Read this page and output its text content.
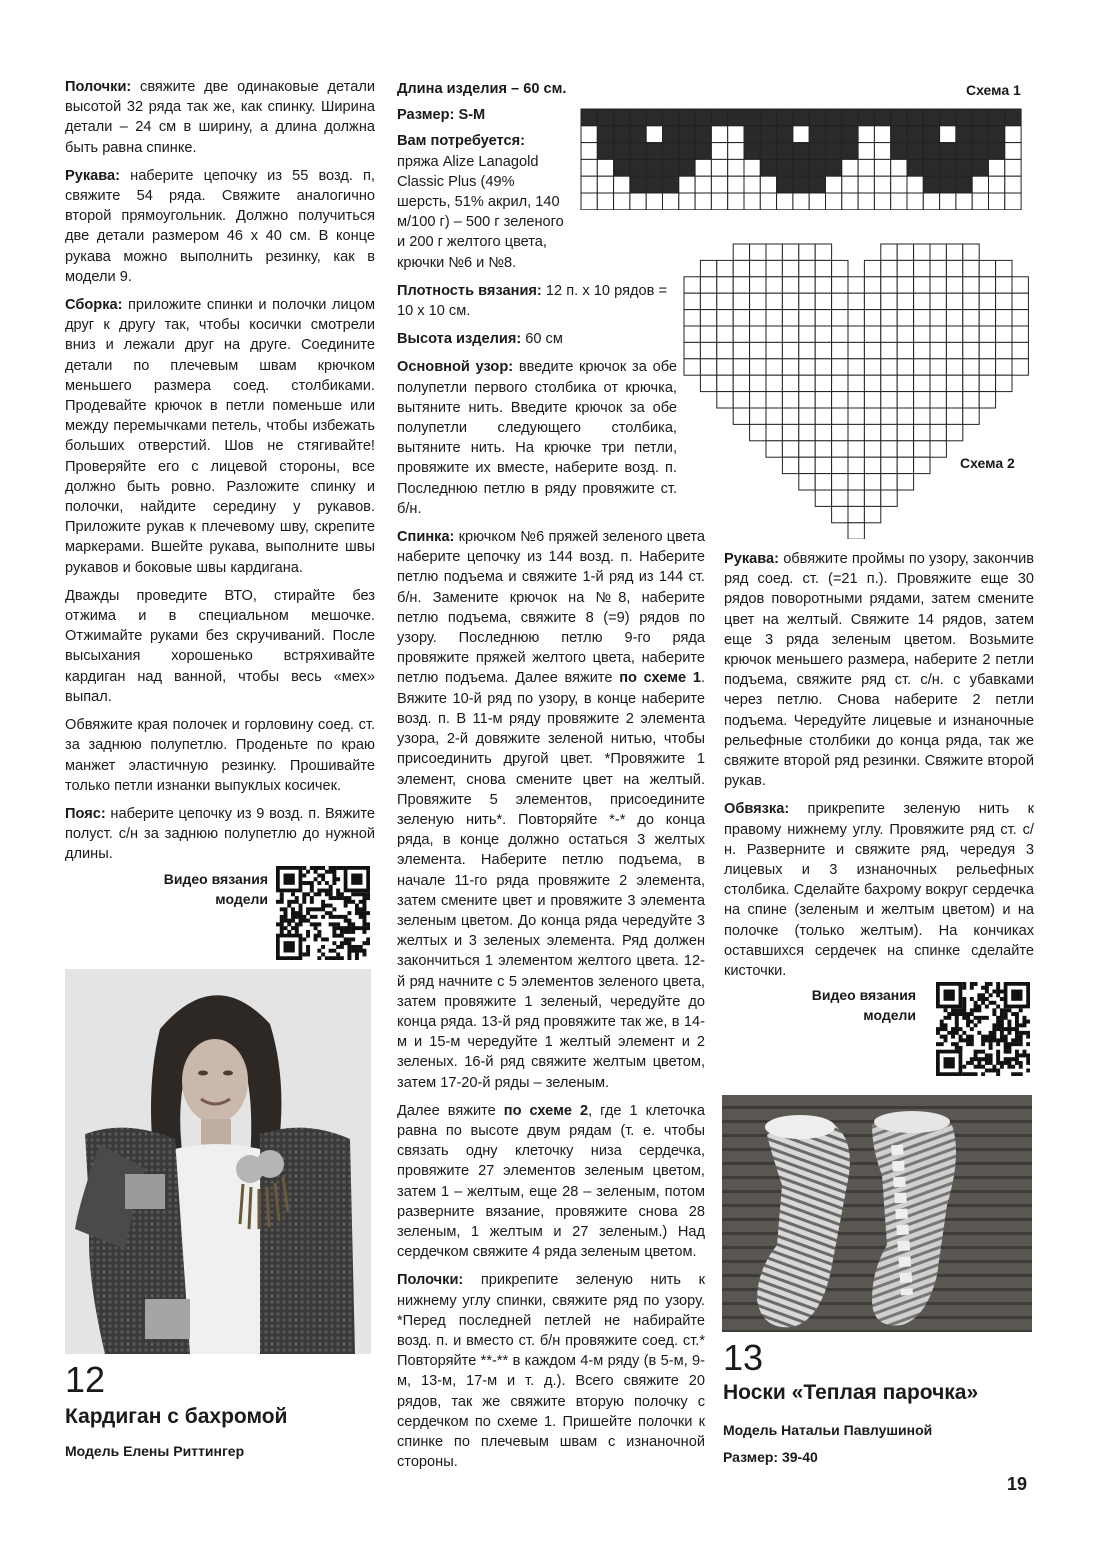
Полочки: свяжите две одинаковые детали высотой 32 ряда так же, как спинку. Ширина детали – 24 см в ширину, а длина должна быть равна спинке.

Рукава: наберите цепочку из 55 возд. п, свяжите 54 ряда. Свяжите аналогично второй прямоугольник. Должно получиться две детали размером 46 х 40 см. В конце рукава можно выполнить резинку, как в модели 9.

Сборка: приложите спинки и полочки лицом друг к другу так, чтобы косички смотрели вниз и лежали друг на друге. Соедините детали по плечевым швам крючком меньшего размера соед. столбиками. Продевайте крючок в петли поменьше или между перемычками петель, чтобы избежать больших отверстий. Шов не стягивайте! Проверяйте его с лицевой стороны, все должно быть ровно. Разложите спинку и полочки, найдите середину у рукавов. Приложите рукав к плечевому шву, скрепите маркерами. Вшейте рукава, выполните швы рукавов и боковые швы кардигана.

Дважды проведите ВТО, стирайте без отжима и в специальном мешочке. Отжимайте руками без скручиваний. После высыхания хорошенько встряхивайте кардиган над ванной, чтобы весь «мех» выпал.

Обвяжите края полочек и горловину соед. ст. за заднюю полупетлю. Проденьте по краю манжет эластичную резинку. Прошивайте только петли изнанки выпуклых косичек.

Пояс: наберите цепочку из 9 возд. п. Вяжите полуст. с/н за заднюю полупетлю до нужной длины.

Видео вязания
модели
12
Кардиган с бахромой
Модель Елены Риттингер

Длина изделия – 60 см.

Размер: S-M

Вам потребуется: пряжа Alize Lanagold Classic Plus (49% шерсть, 51% акрил, 140 м/100 г) – 500 г зеленого и 200 г желтого цвета, крючки №6 и №8.

Плотность вязания: 12 п. х 10 рядов = 10 х 10 см.

Высота изделия: 60 см

Основной узор: введите крючок за обе полупетли первого столбика от крючка, вытяните нить. Введите крючок за обе полупетли следующего столбика, вытяните нить. На крючке три петли, провяжите их вместе, наберите возд. п. Последнюю петлю в ряду провяжите ст. б/н.

Спинка: крючком №6 пряжей зеленого цвета наберите цепочку из 144 возд. п. Наберите петлю подъема и свяжите 1-й ряд из 144 ст. б/н. Замените крючок на №8, наберите петлю подъема, свяжите 8 (=9) рядов по узору. Последнюю петлю 9-го ряда провяжите пряжей желтого цвета, наберите петлю подъема. Далее вяжите по схеме 1. Вяжите 10-й ряд по узору, в конце наберите возд. п. В 11-м ряду провяжите 2 элемента узора, 2-й довяжите зеленой нитью, чтобы присоединить другой цвет. *Провяжите 1 элемент, снова смените цвет на желтый. Провяжите 5 элементов, присоедините зеленую нить*. Повторяйте *-* до конца ряда, в конце должно остаться 3 желтых элемента. Наберите петлю подъема, в начале 11-го ряда провяжите 2 элемента, затем смените цвет и провяжите 3 элемента зеленым цветом. До конца ряда чередуйте 3 желтых и 3 зеленых элемента. Ряд должен закончиться 1 элементом желтого цвета. 12-й ряд начните с 5 элементов зеленого цвета, затем провяжите 1 зеленый, чередуйте до конца ряда. 13-й ряд провяжите так же, в 14-м и 15-м чередуйте 1 желтый элемент и 2 зеленых. 16-й ряд свяжите желтым цветом, затем 17-20-й ряды – зеленым.

Далее вяжите по схеме 2, где 1 клеточка равна по высоте двум рядам (т. е. чтобы связать одну клеточку низа сердечка, провяжите 27 элементов зеленым цветом, затем 1 – желтым, еще 28 – зеленым, потом разверните вязание, провяжите снова 28 зеленым, 1 желтым и 27 зеленым.) Над сердечком свяжите 4 ряда зеленым цветом.

Полочки: прикрепите зеленую нить к нижнему углу спинки, свяжите ряд по узору. *Перед последней петлей не набирайте возд. п. и вместо ст. б/н провяжите соед. ст.* Повторяйте **-** в каждом 4-м ряду (в 5-м, 9-м, 13-м, 17-м и т. д.). Всего свяжите 20 рядов, так же свяжите вторую полочку с сердечком по схеме 1. Пришейте полочки к спинке по плечевым швам с изнаночной стороны.

Схема 1
Схема 2

Рукава: обвяжите проймы по узору, закончив ряд соед. ст. (=21 п.). Провяжите еще 30 рядов поворотными рядами, затем смените цвет на желтый. Свяжите 14 рядов, затем еще 3 ряда зеленым цветом. Возьмите крючок меньшего размера, наберите 2 петли подъема, свяжите ряд ст. с/н. с убавками через петлю. Снова наберите 2 петли подъема. Чередуйте лицевые и изнаночные рельефные столбики до конца ряда, так же свяжите второй ряд резинки. Свяжите второй рукав.

Обвязка: прикрепите зеленую нить к правому нижнему углу. Провяжите ряд ст. с/н. Разверните и свяжите ряд, чередуя 3 лицевых и 3 изнаночных рельефных столбика. Сделайте бахрому вокруг сердечка на спине (зеленым и желтым цветом) и на полочке (только желтым). На кончиках оставшихся сердечек на спинке сделайте кисточки.

Видео вязания
модели
13
Носки «Теплая парочка»
Модель Натальи Павлушиной
Размер: 39-40
19
